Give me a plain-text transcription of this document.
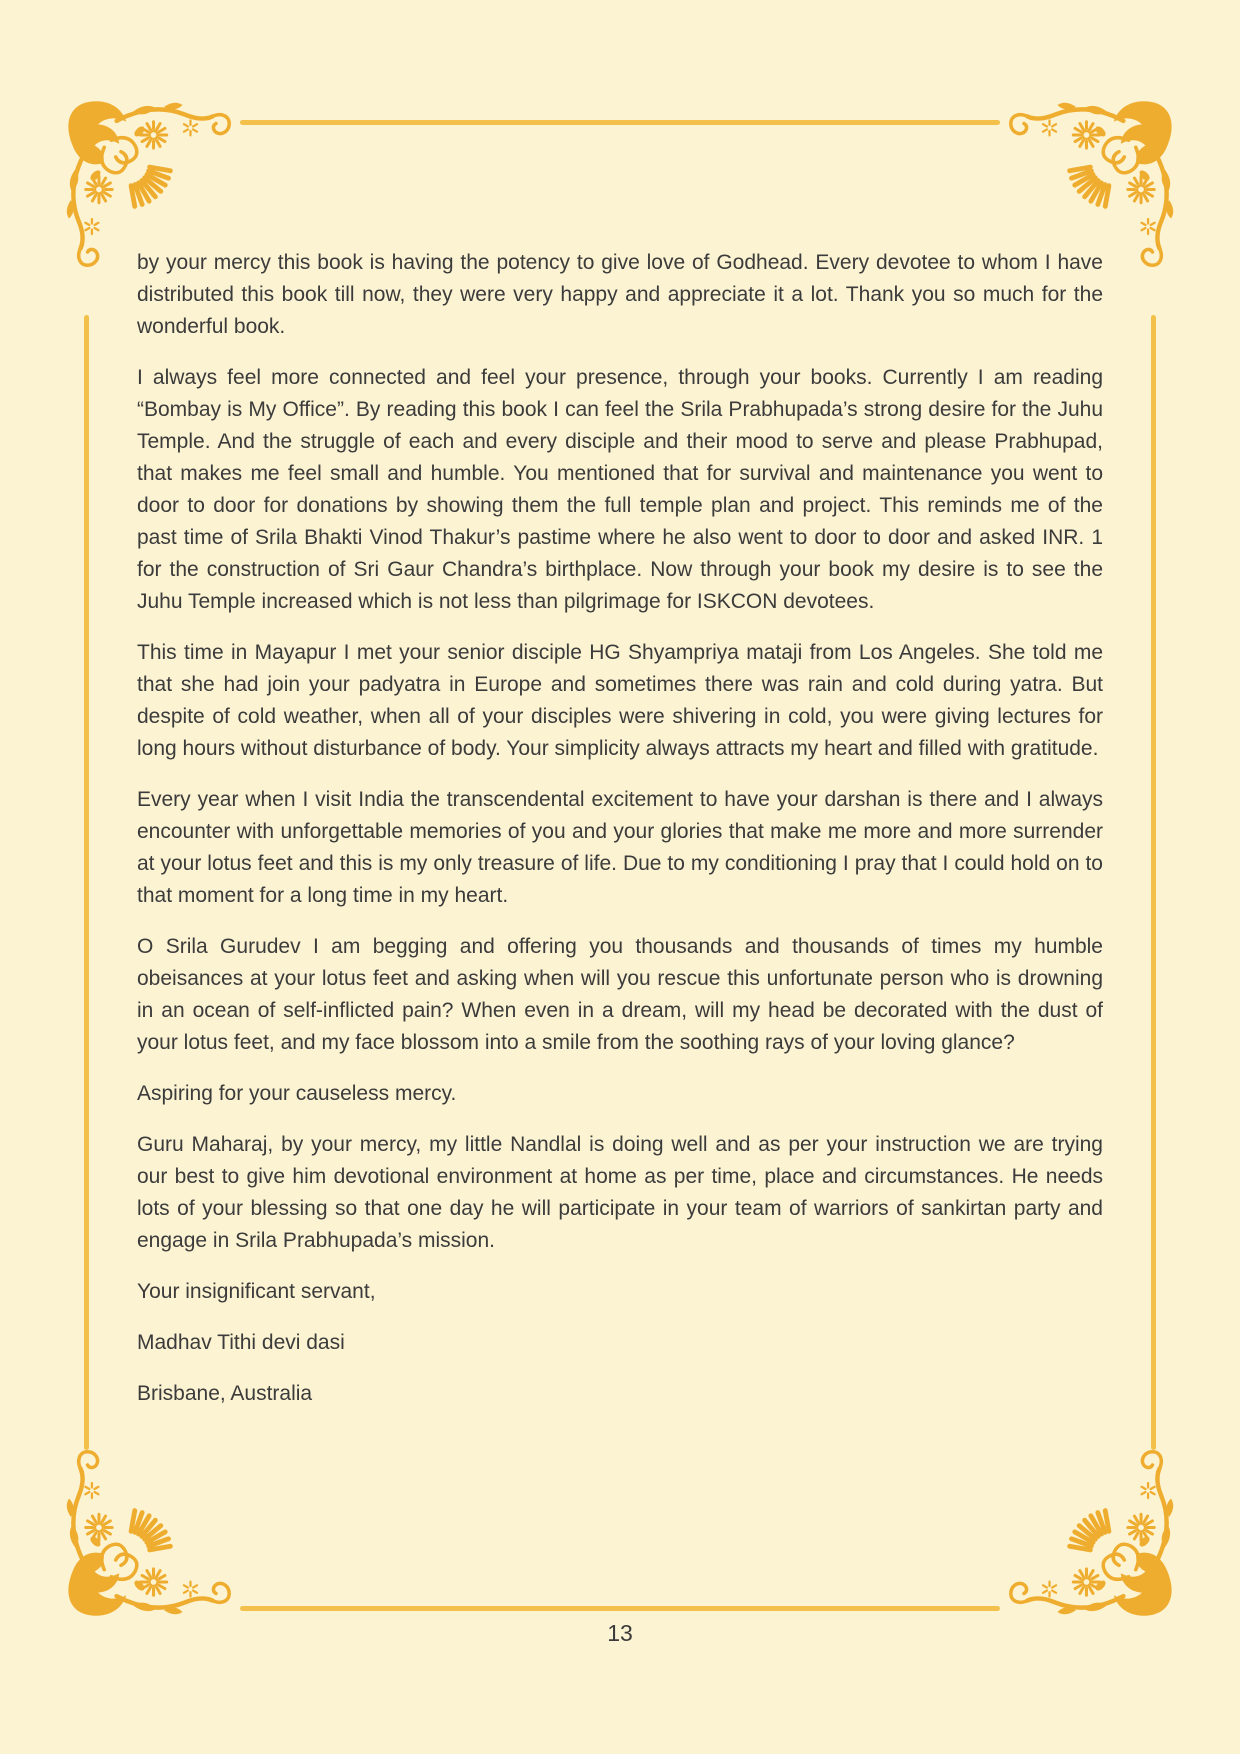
by your mercy this book is having the potency to give love of Godhead. Every devotee to whom I have distributed this book till now, they were very happy and appreciate it a lot. Thank you so much for the wonderful book.

I always feel more connected and feel your presence, through your books. Currently I am reading “Bombay is My Office”. By reading this book I can feel the Srila Prabhupada’s strong desire for the Juhu Temple. And the struggle of each and every disciple and their mood to serve and please Prabhupad, that makes me feel small and humble. You mentioned that for survival and maintenance you went to door to door for donations by showing them the full temple plan and project. This reminds me of the past time of Srila Bhakti Vinod Thakur’s pastime where he also went to door to door and asked INR. 1 for the construction of Sri Gaur Chandra’s birthplace. Now through your book my desire is to see the Juhu Temple increased which is not less than pilgrimage for ISKCON devotees.

This time in Mayapur I met your senior disciple HG Shyampriya mataji from Los Angeles. She told me that she had join your padyatra in Europe and sometimes there was rain and cold during yatra. But despite of cold weather, when all of your disciples were shivering in cold, you were giving lectures for long hours without disturbance of body. Your simplicity always attracts my heart and filled with gratitude.

Every year when I visit India the transcendental excitement to have your darshan is there and I always encounter with unforgettable memories of you and your glories that make me more and more surrender at your lotus feet and this is my only treasure of life. Due to my conditioning I pray that I could hold on to that moment for a long time in my heart.

O Srila Gurudev I am begging and offering you thousands and thousands of times my humble obeisances at your lotus feet and asking when will you rescue this unfortunate person who is drowning in an ocean of self-inflicted pain? When even in a dream, will my head be decorated with the dust of your lotus feet, and my face blossom into a smile from the soothing rays of your loving glance?

Aspiring for your causeless mercy.

Guru Maharaj, by your mercy, my little Nandlal is doing well and as per your instruction we are trying our best to give him devotional environment at home as per time, place and circumstances. He needs lots of your blessing so that one day he will participate in your team of warriors of sankirtan party and engage in Srila Prabhupada’s mission.

Your insignificant servant,

Madhav Tithi devi dasi

Brisbane, Australia

13
